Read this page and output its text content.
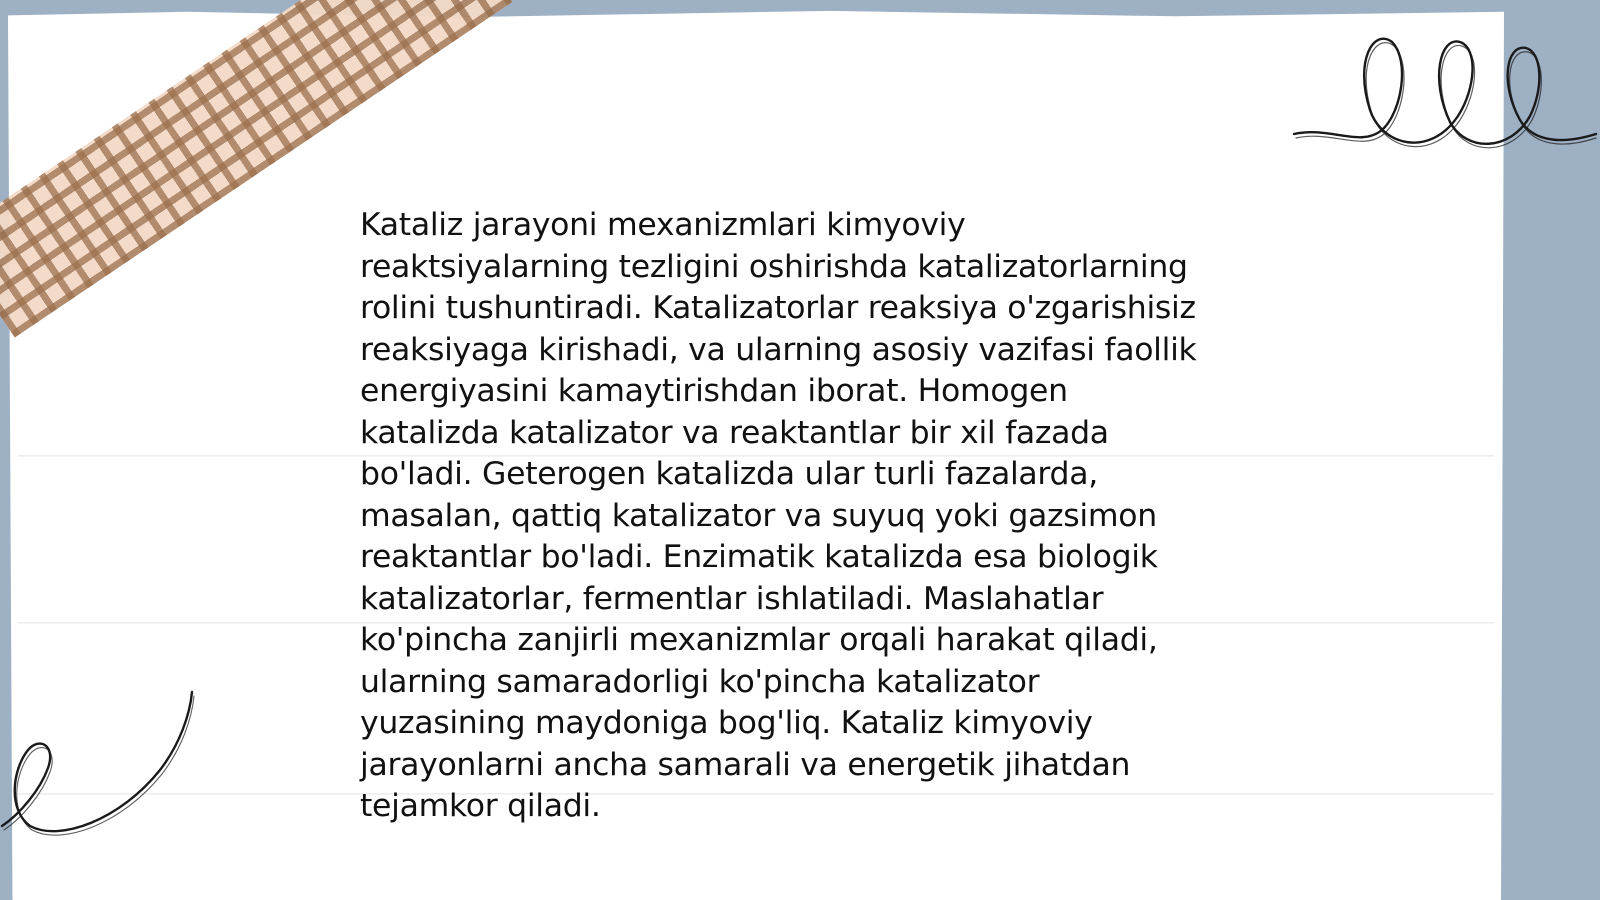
Kataliz jarayoni mexanizmlari kimyoviy
reaktsiyalarning tezligini oshirishda katalizatorlarning
rolini tushuntiradi. Katalizatorlar reaksiya o'zgarishisiz
reaksiyaga kirishadi, va ularning asosiy vazifasi faollik
energiyasini kamaytirishdan iborat. Homogen
katalizda katalizator va reaktantlar bir xil fazada
bo'ladi. Geterogen katalizda ular turli fazalarda,
masalan, qattiq katalizator va suyuq yoki gazsimon
reaktantlar bo'ladi. Enzimatik katalizda esa biologik
katalizatorlar, fermentlar ishlatiladi. Maslahatlar
ko'pincha zanjirli mexanizmlar orqali harakat qiladi,
ularning samaradorligi ko'pincha katalizator
yuzasining maydoniga bog'liq. Kataliz kimyoviy
jarayonlarni ancha samarali va energetik jihatdan
tejamkor qiladi.
